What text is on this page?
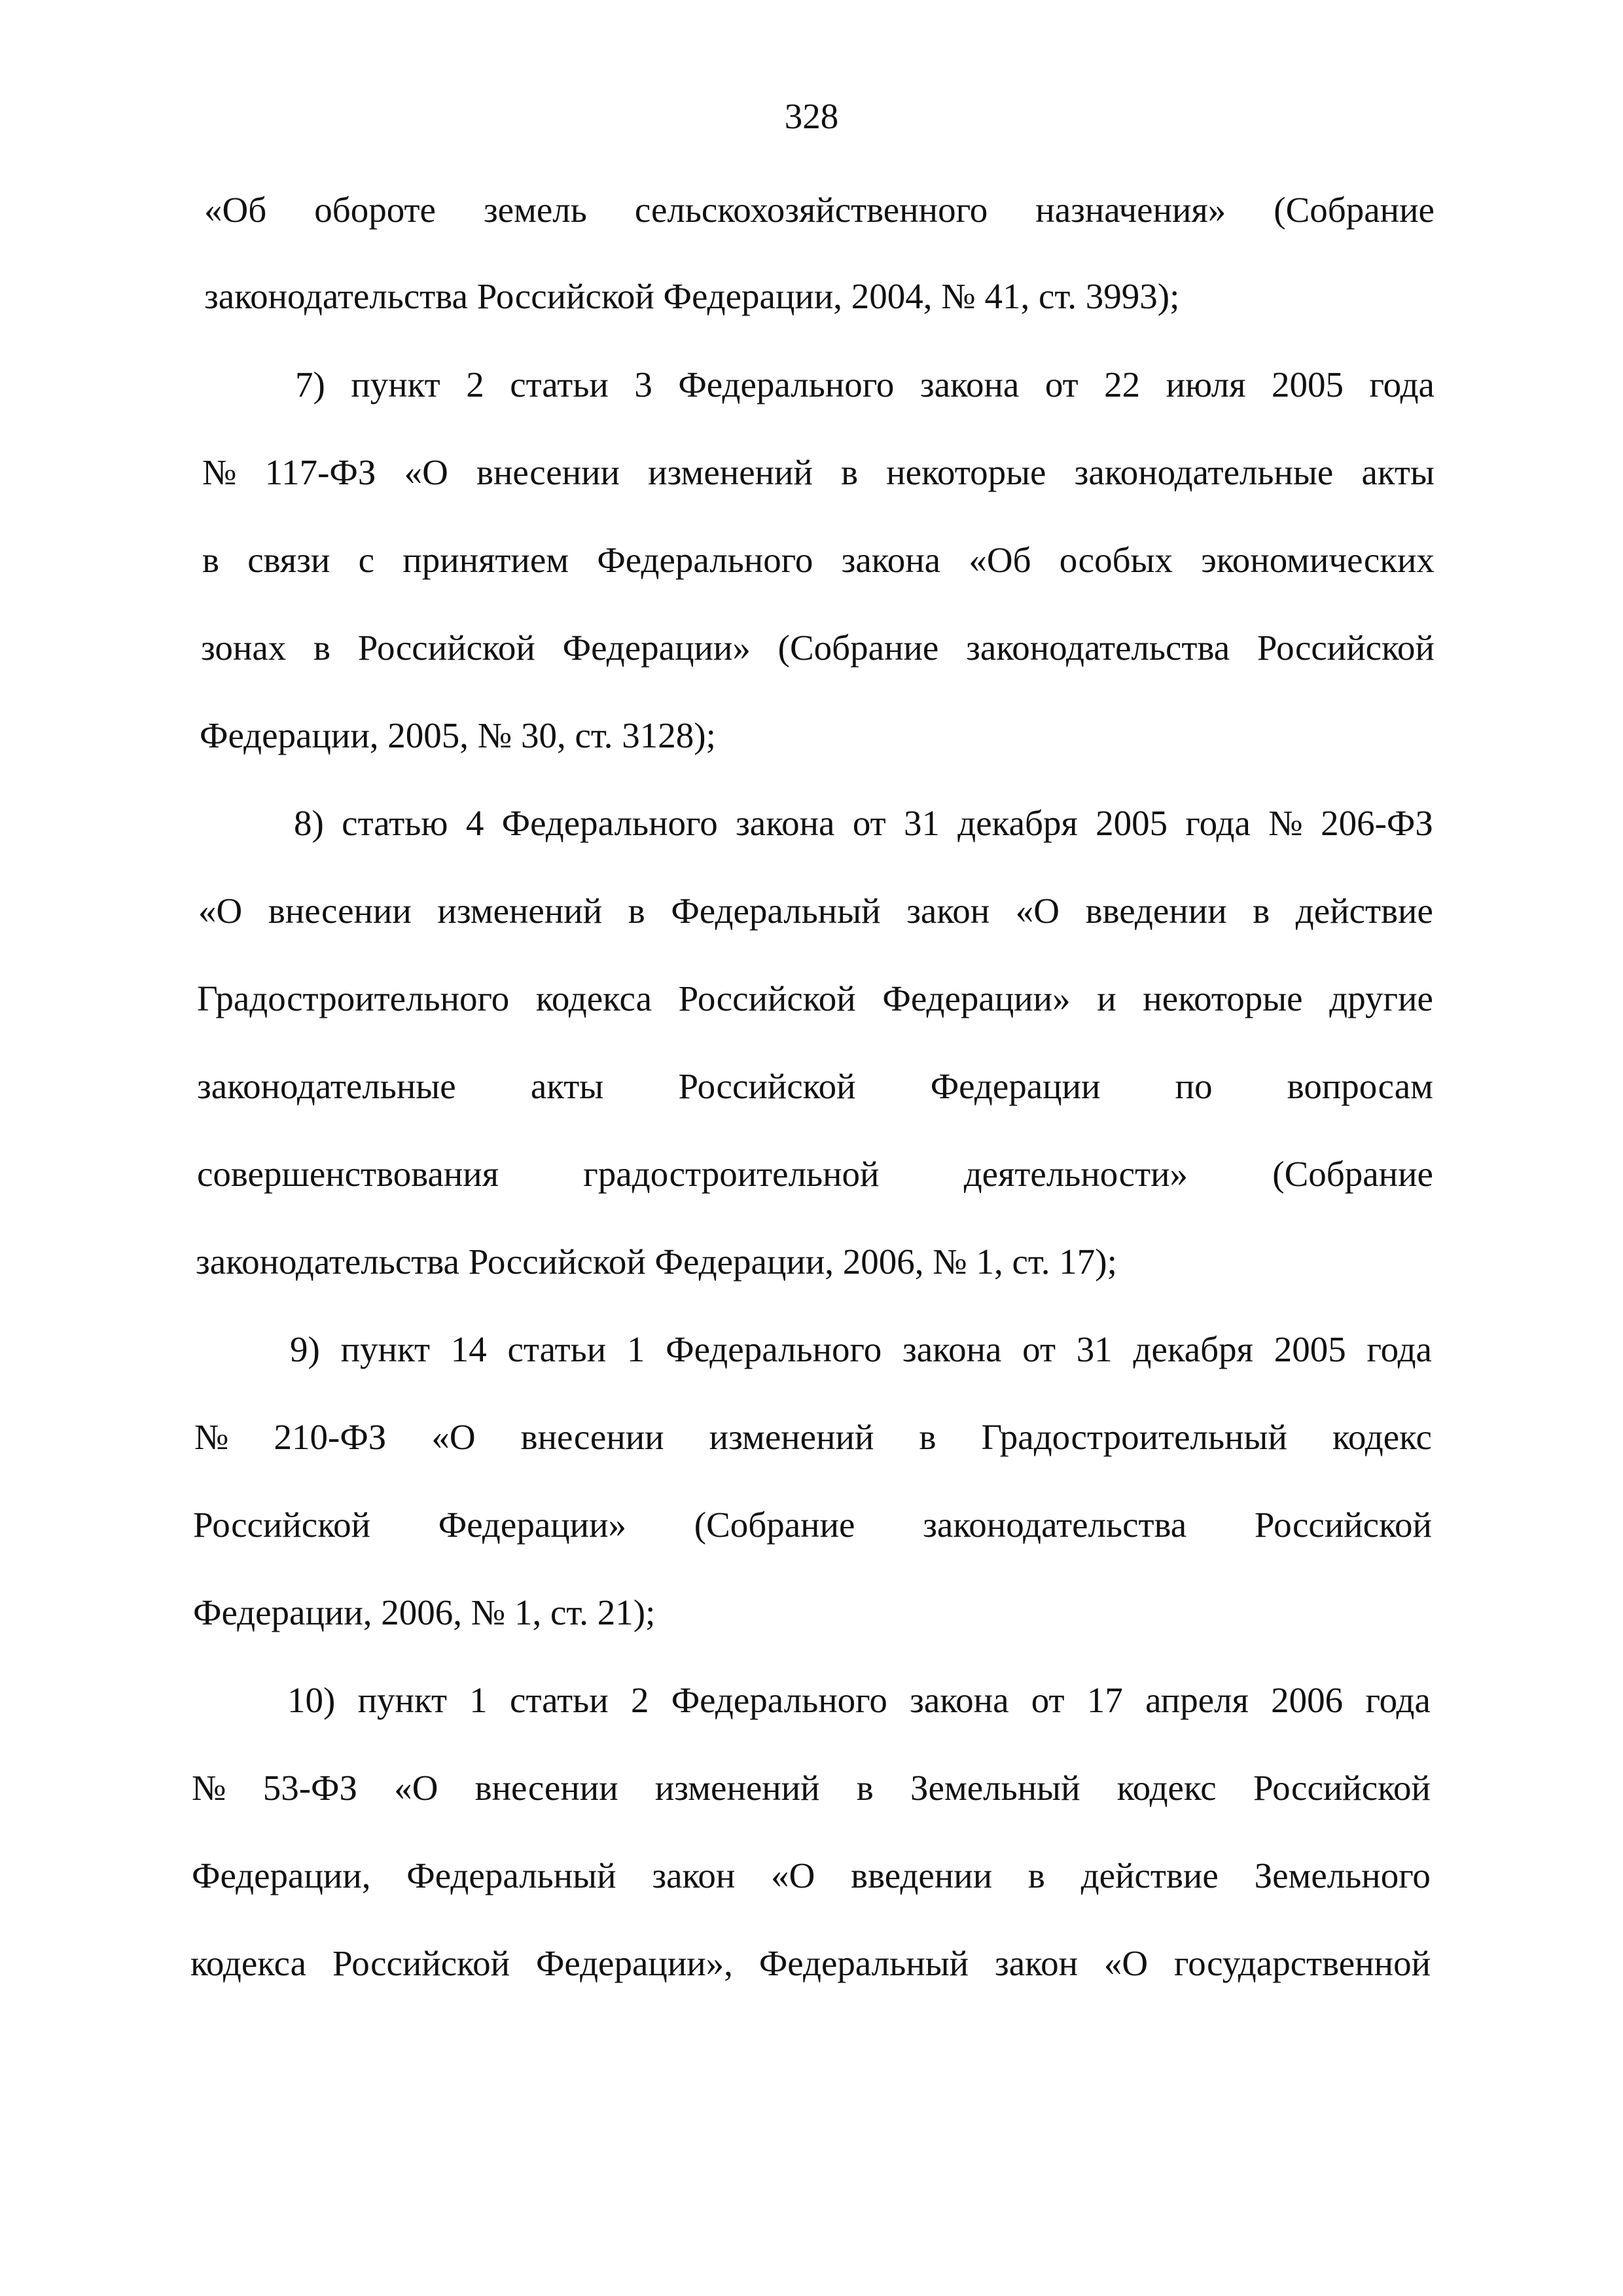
328
«Об обороте земель сельскохозяйственного назначения» (Собрание
законодательства Российской Федерации, 2004, № 41, ст. 3993);
7) пункт 2 статьи 3 Федерального закона от 22 июля 2005 года
№ 117-ФЗ «О внесении изменений в некоторые законодательные акты
в связи с принятием Федерального закона «Об особых экономических
зонах в Российской Федерации» (Собрание законодательства Российской
Федерации, 2005, № 30, ст. 3128);
8) статью 4 Федерального закона от 31 декабря 2005 года № 206-ФЗ
«О внесении изменений в Федеральный закон «О введении в действие
Градостроительного кодекса Российской Федерации» и некоторые другие
законодательные акты Российской Федерации по вопросам
совершенствования градостроительной деятельности» (Собрание
законодательства Российской Федерации, 2006, № 1, ст. 17);
9) пункт 14 статьи 1 Федерального закона от 31 декабря 2005 года
№ 210-ФЗ «О внесении изменений в Градостроительный кодекс
Российской Федерации» (Собрание законодательства Российской
Федерации, 2006, № 1, ст. 21);
10) пункт 1 статьи 2 Федерального закона от 17 апреля 2006 года
№ 53-ФЗ «О внесении изменений в Земельный кодекс Российской
Федерации, Федеральный закон «О введении в действие Земельного
кодекса Российской Федерации», Федеральный закон «О государственной
